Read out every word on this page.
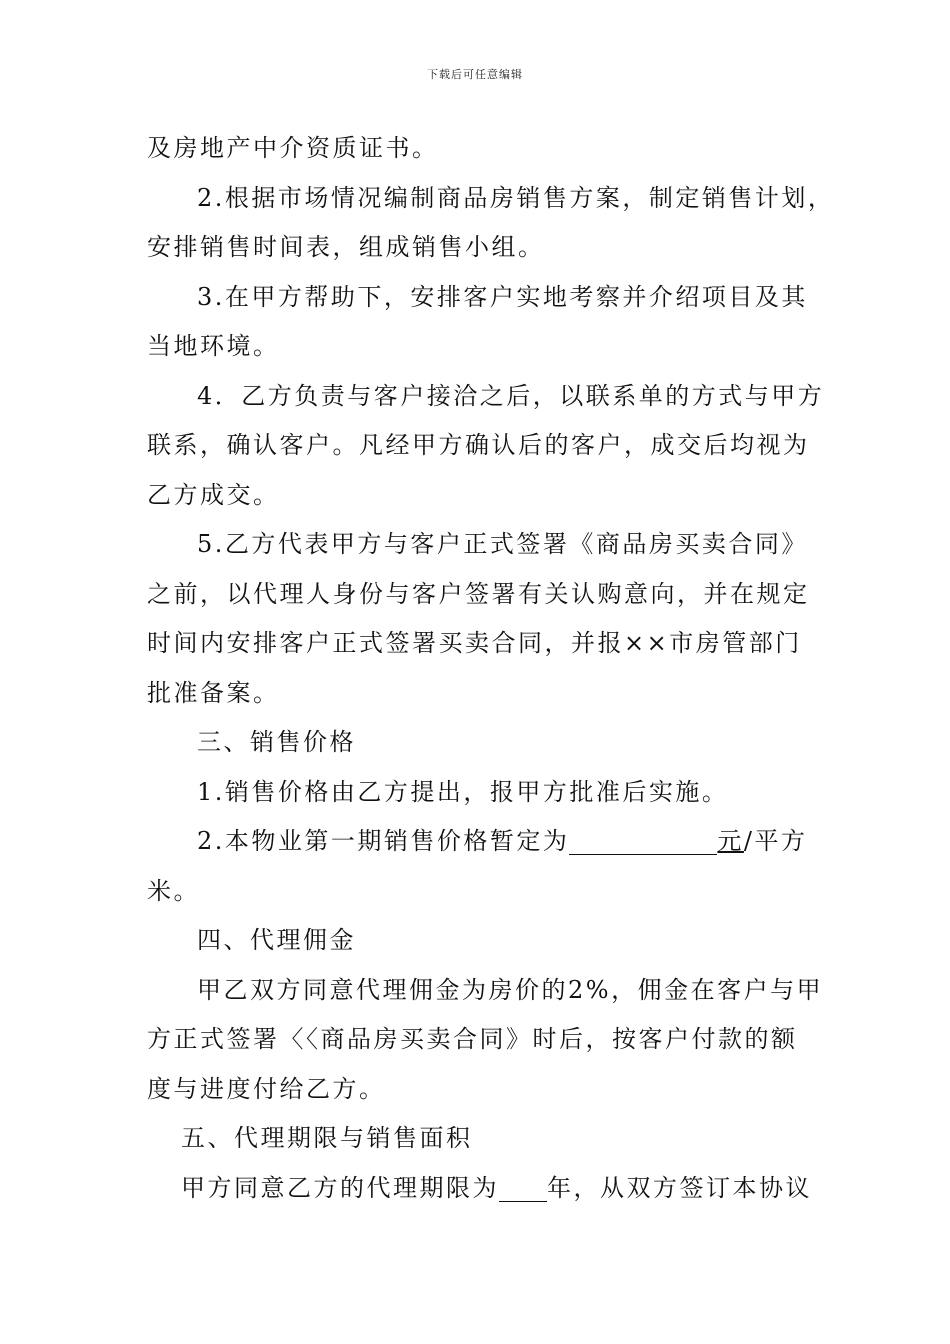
下载后可任意编辑
及房地产中介资质证书。
2.根据市场情况编制商品房销售方案，制定销售计划，
安排销售时间表，组成销售小组。
3.在甲方帮助下，安排客户实地考察并介绍项目及其
当地环境。
4．乙方负责与客户接洽之后，以联系单的方式与甲方
联系，确认客户。凡经甲方确认后的客户，成交后均视为
乙方成交。
5.乙方代表甲方与客户正式签署《商品房买卖合同》
之前，以代理人身份与客户签署有关认购意向，并在规定
时间内安排客户正式签署买卖合同，并报××市房管部门
批准备案。
三、销售价格
1.销售价格由乙方提出，报甲方批准后实施。
2.本物业第一期销售价格暂定为	元/平方
米。
四、代理佣金
甲乙双方同意代理佣金为房价的2%，佣金在客户与甲
方正式签署〈〈商品房买卖合同》时后，按客户付款的额
度与进度付给乙方。
五、代理期限与销售面积
甲方同意乙方的代理期限为 年，从双方签订本协议
